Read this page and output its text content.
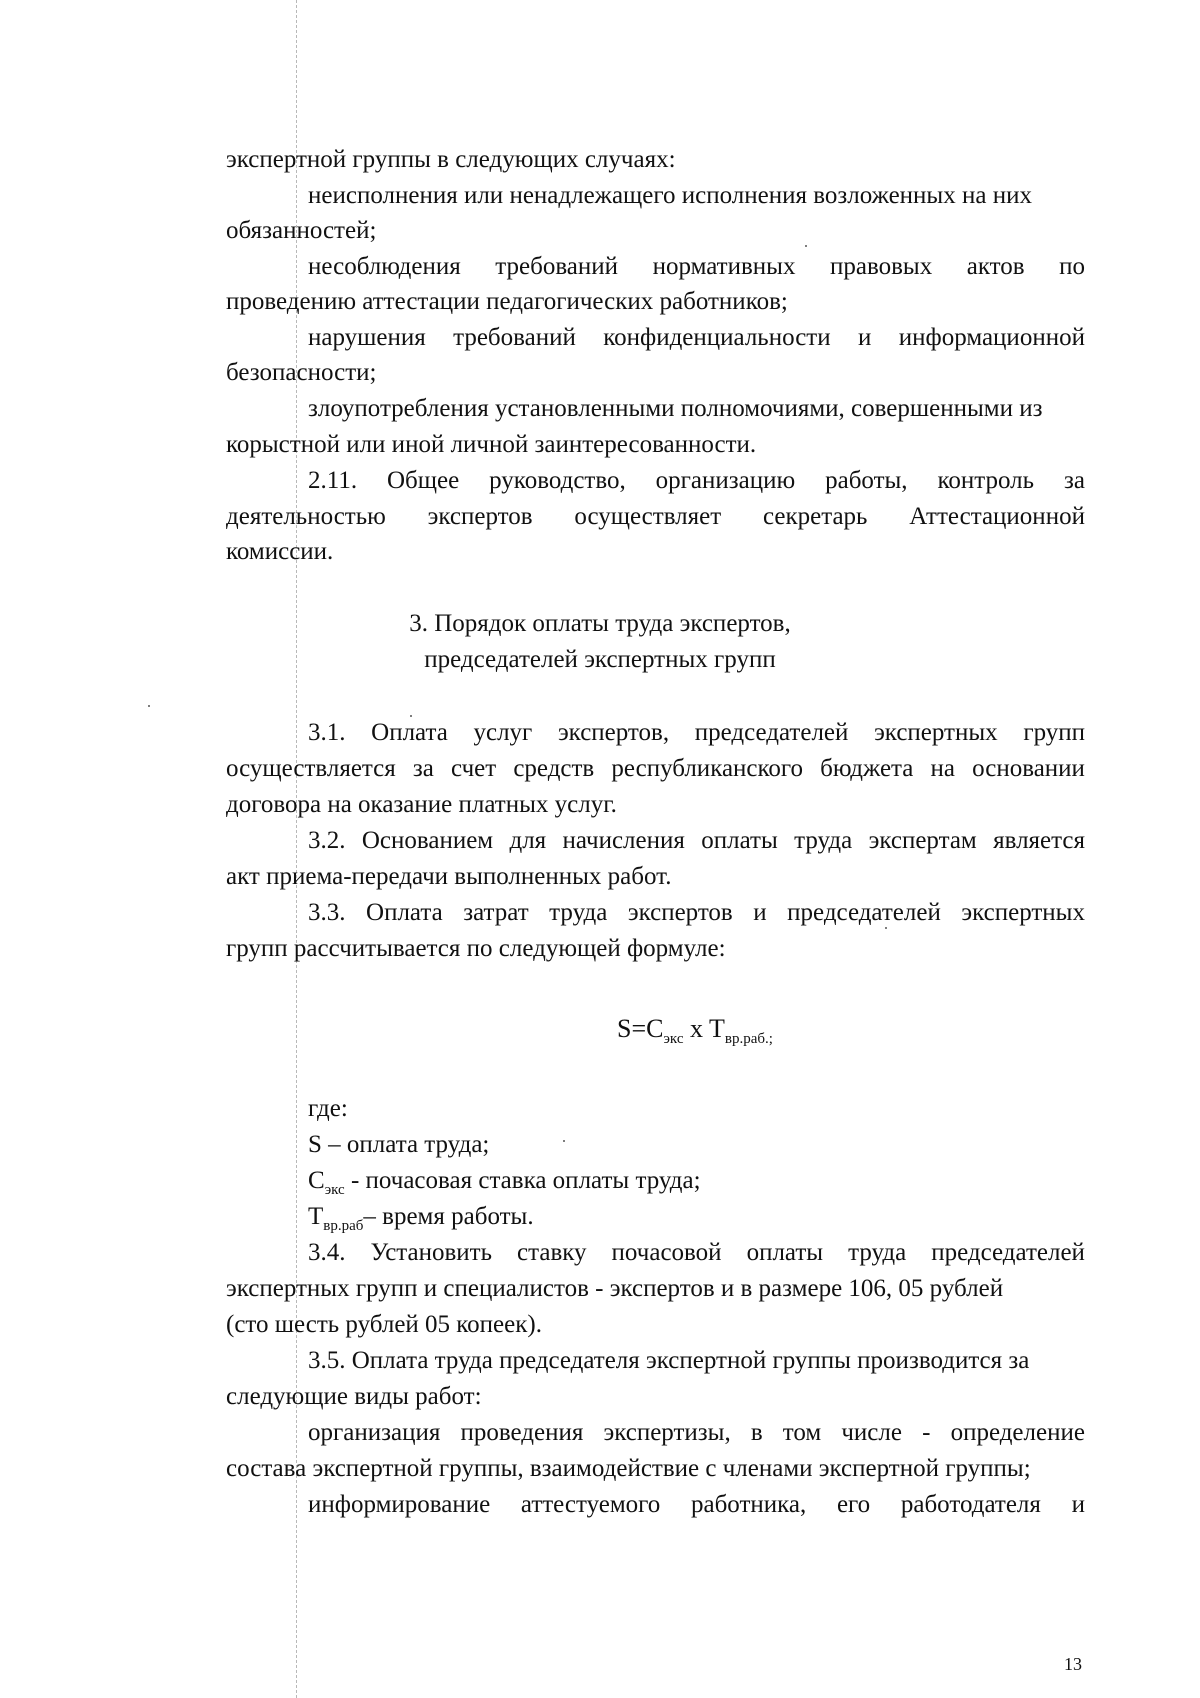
экспертной группы в следующих случаях:
неисполнения или ненадлежащего исполнения возложенных на них
обязанностей;
несоблюдения требований нормативных правовых актов по
проведению аттестации педагогических работников;
нарушения требований конфиденциальности и информационной
безопасности;
злоупотребления установленными полномочиями, совершенными из
корыстной или иной личной заинтересованности.
2.11. Общее руководство, организацию работы, контроль за
деятельностью экспертов осуществляет секретарь Аттестационной
комиссии.
3. Порядок оплаты труда экспертов,
председателей экспертных групп
3.1. Оплата услуг экспертов, председателей экспертных групп
осуществляется за счет средств республиканского бюджета на основании
договора на оказание платных услуг.
3.2. Основанием для начисления оплаты труда экспертам является
акт приема-передачи выполненных работ.
3.3. Оплата затрат труда экспертов и председателей экспертных
групп рассчитывается по следующей формуле:
$S=C_{экс}$ x $T_{вр.раб.;}$
где:
S – оплата труда;
$C_{экс}$ - почасовая ставка оплаты труда;
$T_{вр.раб}-$ время работы.
3.4. Установить ставку почасовой оплаты труда председателей
экспертных групп и специалистов - экспертов и в размере 106, 05 рублей
(сто шесть рублей 05 копеек).
3.5. Оплата труда председателя экспертной группы производится за
следующие виды работ:
организация проведения экспертизы, в том числе - определение
состава экспертной группы, взаимодействие с членами экспертной группы;
информирование аттестуемого работника, его работодателя и
13
